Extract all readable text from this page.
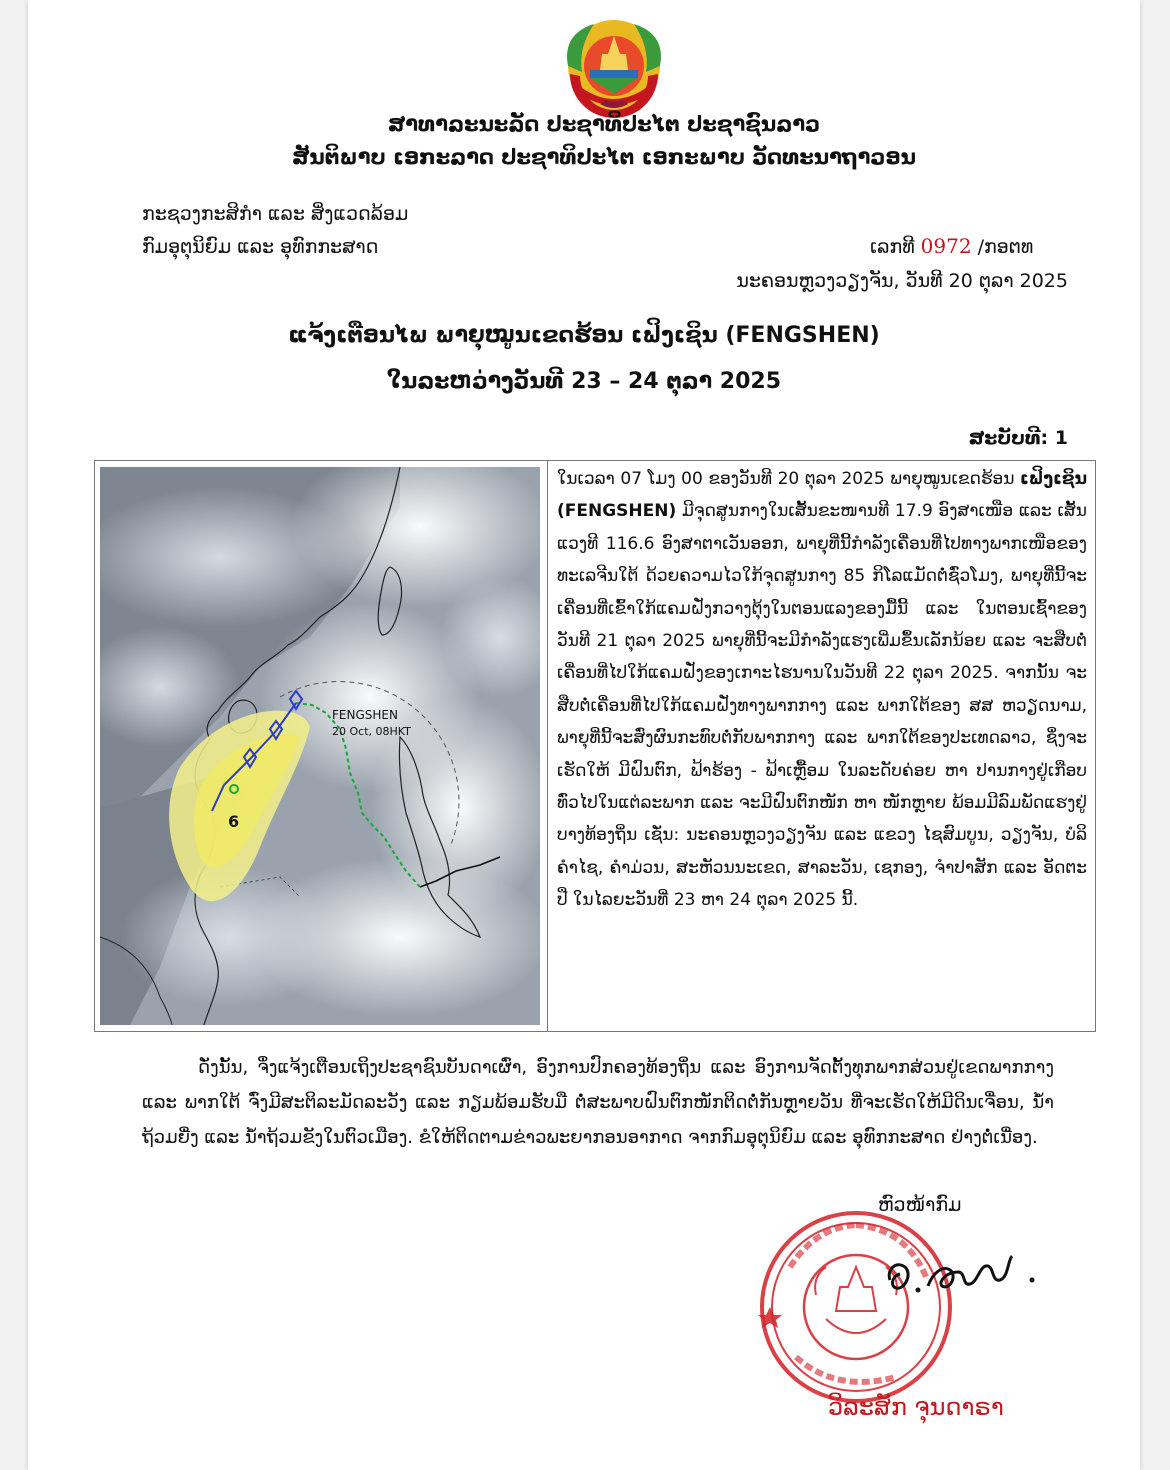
ສາທາລະນະລັດ ປະຊາທິປະໄຕ ປະຊາຊົນລາວ
ສັນຕິພາບ ເອກະລາດ ປະຊາທິປະໄຕ ເອກະພາບ ວັດທະນາຖາວອນ
ກະຊວງກະສິກຳ ແລະ ສິ່ງແວດລ້ອມ
ກົມອຸຕຸນິຍົມ ແລະ ອຸທົກກະສາດ	ເລກທີ 0972 /ກອຕທ
ນະຄອນຫຼວງວຽງຈັນ, ວັນທີ 20 ຕຸລາ 2025
ແຈ້ງເຕືອນໄພ ພາຍຸໝູນເຂດຮ້ອນ ເຟິງເຊິນ (FENGSHEN)
ໃນລະຫວ່າງວັນທີ 23 – 24 ຕຸລາ 2025
ສະບັບທີ: 1
6
FENGSHEN
20 Oct, 08HKT
ໃນເວລາ 07 ໂມງ 00 ຂອງວັນທີ 20 ຕຸລາ 2025 ພາຍຸໝູນເຂດຮ້ອນ ເຟິງເຊິນ (FENGSHEN) ມີຈຸດສູນກາງໃນເສັ້ນຂະໜານທີ 17.9 ອົງສາເໜືອ ແລະ ເສັ້ນແວງທີ 116.6 ອົງສາຕາເວັນອອກ, ພາຍຸທີ່ນີ້ກຳລັງເຄື່ອນທີ່ໄປທາງພາກເໜືອຂອງທະເລຈີນໃຕ້ ດ້ວຍຄວາມໄວໃກ້ຈຸດສູນກາງ 85 ກິໂລແມັດຕໍ່ຊົ່ວໂມງ, ພາຍຸທີ່ນີ້ຈະເຄື່ອນທີ່ເຂົ້າໃກ້ແຄມຝັ່ງກວາງຕຸ້ງໃນຕອນແລງຂອງມື້ນີ້ ແລະ ໃນຕອນເຊົ້າຂອງວັນທີ 21 ຕຸລາ 2025 ພາຍຸທີ່ນີ້ຈະມີກຳລັງແຮງເພີ່ມຂຶ້ນເລັກນ້ອຍ ແລະ ຈະສືບຕໍ່ເຄື່ອນທີ່ໄປໃກ້ແຄມຝັ່ງຂອງເກາະໄຮນານໃນວັນທີ 22 ຕຸລາ 2025. ຈາກນັ້ນ ຈະສືບຕໍ່ເຄື່ອນທີ່ໄປໃກ້ແຄມຝັ່ງທາງພາກກາງ ແລະ ພາກໃຕ້ຂອງ ສສ ຫວຽດນາມ, ພາຍຸທີ່ນີ້ຈະສົ່ງຜົນກະທົບຕໍ່ກັບພາກກາງ ແລະ ພາກໃຕ້ຂອງປະເທດລາວ, ຊຶ່ງຈະເຮັດໃຫ້ ມີຝົນຕົກ, ຟ້າຮ້ອງ - ຟ້າເຫຼື້ອມ ໃນລະດັບຄ່ອຍ ຫາ ປານກາງຢູ່ເກືອບທົ່ວໄປໃນແຕ່ລະພາກ ແລະ ຈະມີຝົນຕົກໜັກ ຫາ ໜັກຫຼາຍ ພ້ອມມີລົມພັດແຮງຢູ່ບາງທ້ອງຖິ່ນ ເຊັ່ນ: ນະຄອນຫຼວງວຽງຈັນ ແລະ ແຂວງ ໄຊສົມບູນ, ວຽງຈັນ, ບໍລິຄຳໄຊ, ຄຳມ່ວນ, ສະຫັວນນະເຂດ, ສາລະວັນ, ເຊກອງ, ຈຳປາສັກ ແລະ ອັດຕະປື ໃນໄລຍະວັນທີ່ 23 ຫາ 24 ຕຸລາ 2025 ນີ້.
ດັ່ງນັ້ນ, ຈຶ່ງແຈ້ງເຕືອນເຖິງປະຊາຊົນບັນດາເຜົ່າ, ອົງການປົກຄອງທ້ອງຖິ່ນ ແລະ ອົງການຈັດຕັ້ງທຸກພາກສ່ວນຢູ່ເຂດພາກກາງ ແລະ ພາກໃຕ້ ຈົ່ງມີສະຕິລະມັດລະວັງ ແລະ ກຽມພ້ອມຮັບມື ຕໍ່ສະພາບຝົນຕົກໜັກຕິດຕໍ່ກັນຫຼາຍວັນ ທີ່ຈະເຮັດໃຫ້ມີດິນເຈື່ອນ, ນ້ຳຖ້ວມຍື່ງ ແລະ ນ້ຳຖ້ວມຂັງໃນຕົວເມືອງ. ຂໍໃຫ້ຕິດຕາມຂ່າວພະຍາກອນອາກາດ ຈາກກົມອຸຕຸນິຍົມ ແລະ ອຸທົກກະສາດ ຢ່າງຕໍ່ເນື່ອງ.
ຫົວໜ້າກົມ
ວິລະສັກ ຈຸນດາຣາ
